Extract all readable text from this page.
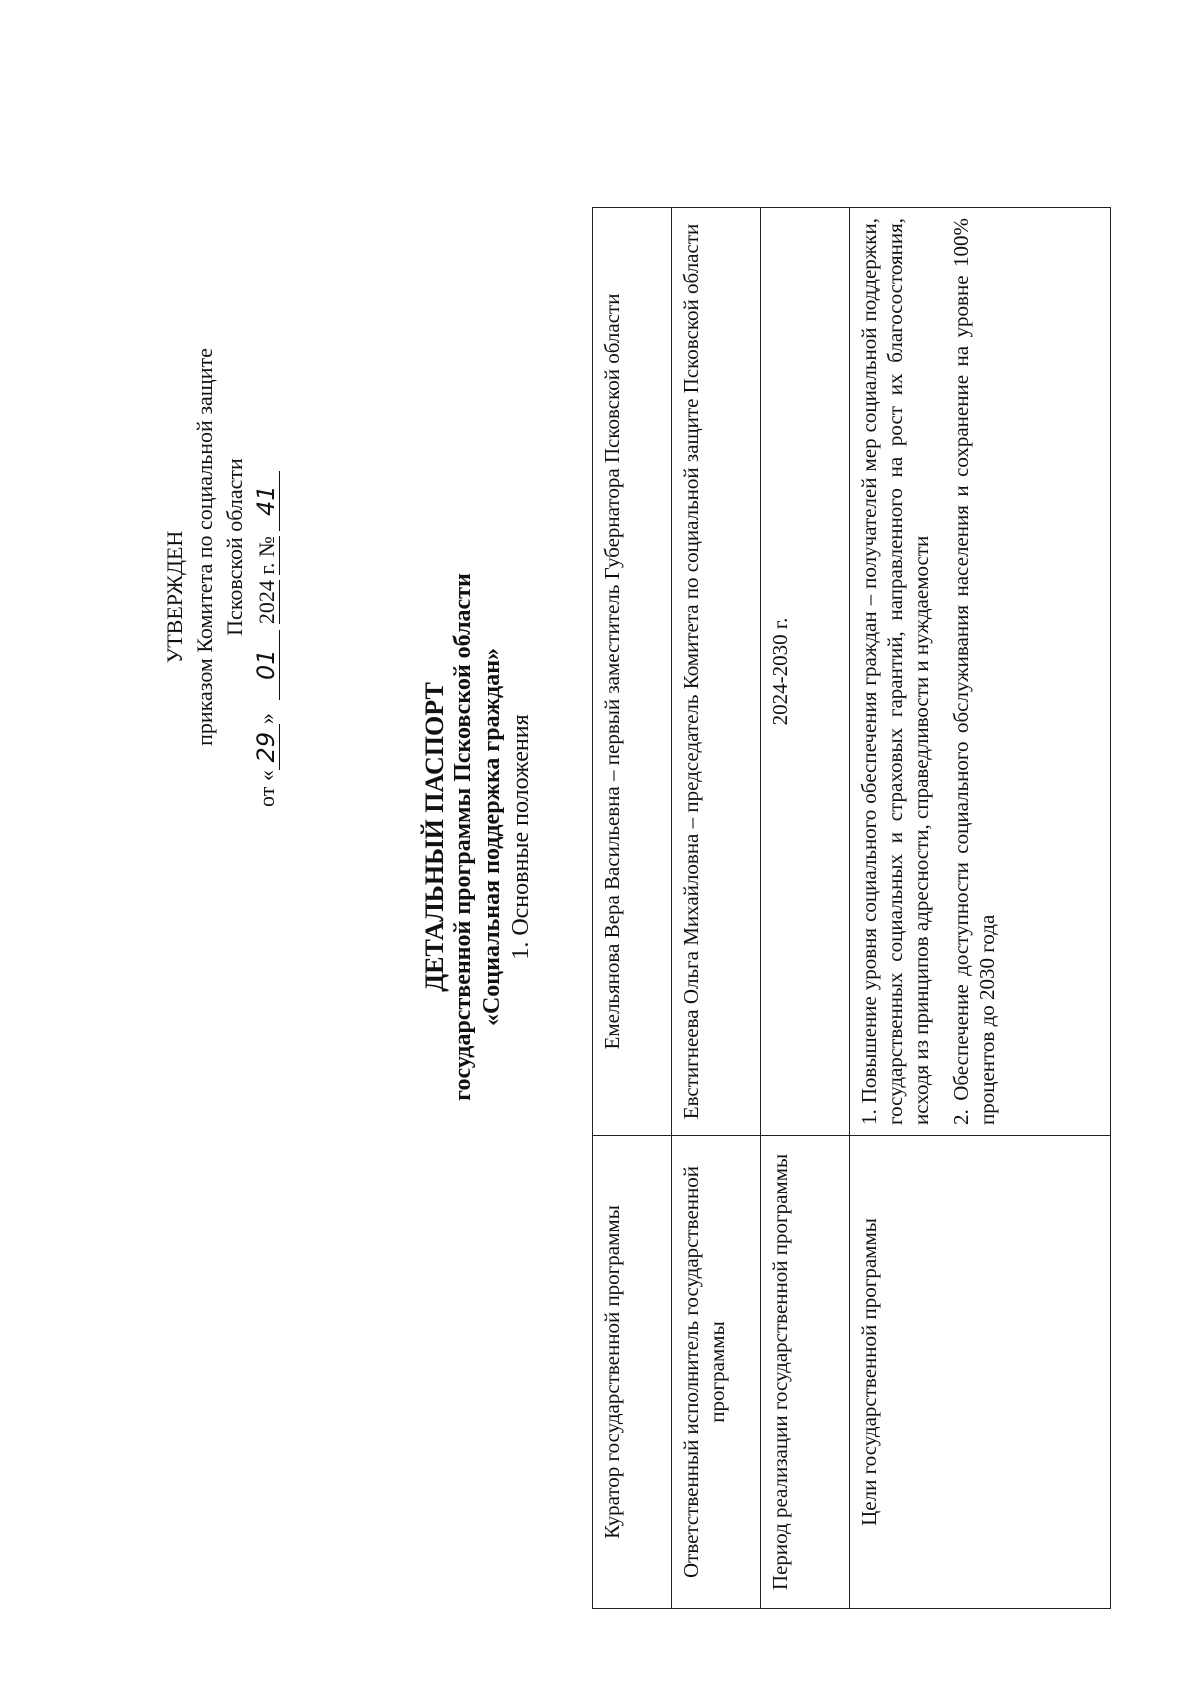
УТВЕРЖДЕН приказом Комитета по социальной защите Псковской области
от «29» 01 2024 г. № 41
ДЕТАЛЬНЫЙ ПАСПОРТ государственной программы Псковской области «Социальная поддержка граждан» 1. Основные положения
Куратор государственной программы	Емельянова Вера Васильевна – первый заместитель Губернатора Псковской области
Ответственный исполнитель государственной программы	Евстигнеева Ольга Михайловна – председатель Комитета по социальной защите Псковской области
Период реализации государственной программы	2024-2030 г.
Цели государственной программы	1. Повышение уровня социального обеспечения граждан – получателей мер социальной поддержки, государственных социальных и страховых гарантий, направленного на рост их благосостояния, исходя из принципов адресности, справедливости и нуждаемости 2. Обеспечение доступности социального обслуживания населения и сохранение на уровне 100% процентов до 2030 года
